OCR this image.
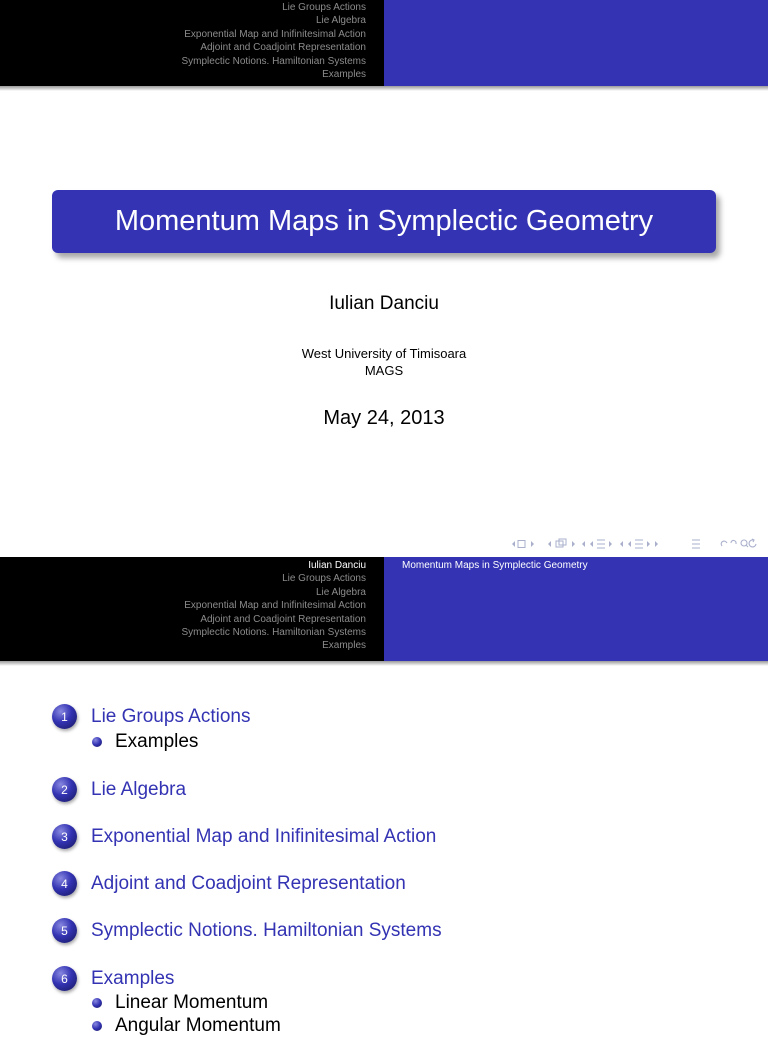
Lie Groups Actions
Lie Algebra
Exponential Map and Inifinitesimal Action
Adjoint and Coadjoint Representation
Symplectic Notions. Hamiltonian Systems
Examples
Momentum Maps in Symplectic Geometry
Iulian Danciu
West University of Timisoara
MAGS
May 24, 2013
Iulian Danciu
Lie Groups Actions
Lie Algebra
Exponential Map and Inifinitesimal Action
Adjoint and Coadjoint Representation
Symplectic Notions. Hamiltonian Systems
Examples
Momentum Maps in Symplectic Geometry
1	Lie Groups Actions
Examples
2	Lie Algebra
3	Exponential Map and Inifinitesimal Action
4	Adjoint and Coadjoint Representation
5	Symplectic Notions. Hamiltonian Systems
6	Examples
Linear Momentum
Angular Momentum
